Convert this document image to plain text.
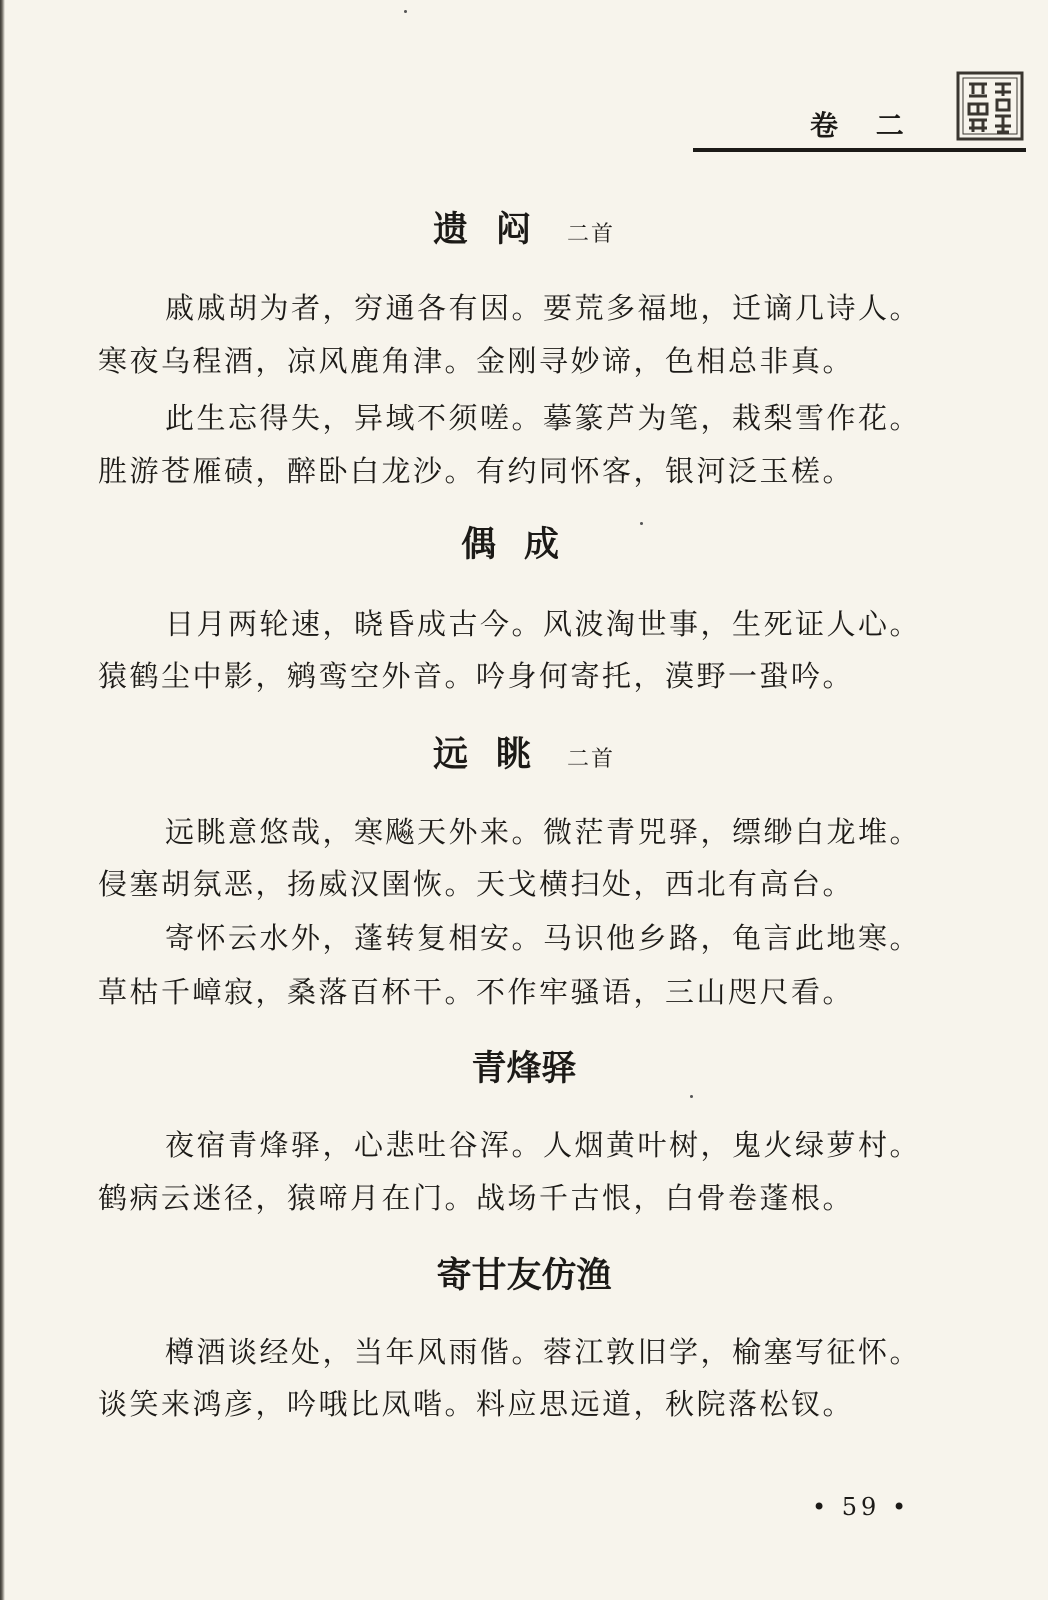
卷 二
遗闷 二首

戚戚胡为者，穷通各有因。要荒多福地，迁谪几诗人。

寒夜乌程酒，凉风鹿角津。金刚寻妙谛，色相总非真。

此生忘得失，异域不须嗟。摹篆芦为笔，栽梨雪作花。

胜游苍雁碛，醉卧白龙沙。有约同怀客，银河泛玉槎。

偶成

日月两轮速，晓昏成古今。风波淘世事，生死证人心。

猿鹤尘中影，鹓鸾空外音。吟身何寄托，漠野一蛩吟。

远眺 二首

远眺意悠哉，寒飚天外来。微茫青兕驿，缥缈白龙堆。

侵塞胡氛恶，扬威汉圉恢。天戈横扫处，西北有高台。

寄怀云水外，蓬转复相安。马识他乡路，龟言此地寒。

草枯千嶂寂，桑落百杯干。不作牢骚语，三山咫尺看。

青烽驿

夜宿青烽驿，心悲吐谷浑。人烟黄叶树，鬼火绿萝村。

鹤病云迷径，猿啼月在门。战场千古恨，白骨卷蓬根。

寄甘友仿渔

樽酒谈经处，当年风雨偕。蓉江敦旧学，榆塞写征怀。

谈笑来鸿彦，吟哦比凤喈。料应思远道，秋院落松钗。

• 59 •
